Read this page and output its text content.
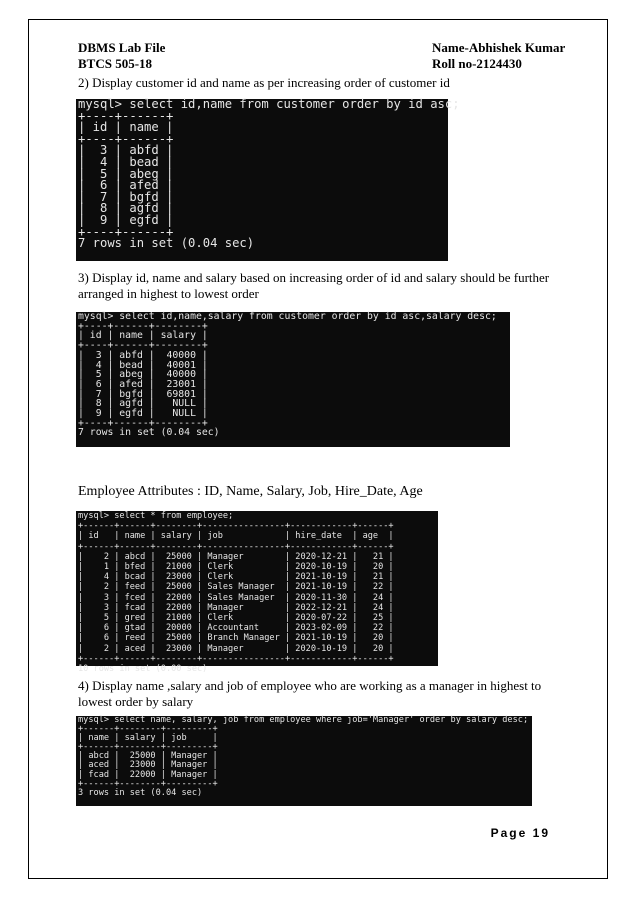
DBMS Lab File
BTCS 505-18
Name-Abhishek Kumar
Roll no-2124430
2) Display customer id and name as per increasing order of customer id
mysql> select id,name from customer order by id asc;
+----+------+
| id | name |
+----+------+
|  3 | abfd |
|  4 | bead |
|  5 | abeg |
|  6 | afed |
|  7 | bgfd |
|  8 | agfd |
|  9 | egfd |
+----+------+
7 rows in set (0.04 sec)
3) Display id, name and salary based on increasing order of id and salary should be further arranged in highest to lowest order
mysql> select id,name,salary from customer order by id asc,salary desc;
+----+------+--------+
| id | name | salary |
+----+------+--------+
|  3 | abfd |  40000 |
|  4 | bead |  40001 |
|  5 | abeg |  40000 |
|  6 | afed |  23001 |
|  7 | bgfd |  69801 |
|  8 | agfd |   NULL |
|  9 | egfd |   NULL |
+----+------+--------+
7 rows in set (0.04 sec)
Employee Attributes : ID, Name, Salary, Job, Hire_Date, Age
mysql> select * from employee;
+------+------+--------+----------------+------------+------+
| id   | name | salary | job            | hire_date  | age  |
+------+------+--------+----------------+------------+------+
|    2 | abcd |  25000 | Manager        | 2020-12-21 |   21 |
|    1 | bfed |  21000 | Clerk          | 2020-10-19 |   20 |
|    4 | bcad |  23000 | Clerk          | 2021-10-19 |   21 |
|    2 | feed |  25000 | Sales Manager  | 2021-10-19 |   22 |
|    3 | fced |  22000 | Sales Manager  | 2020-11-30 |   24 |
|    3 | fcad |  22000 | Manager        | 2022-12-21 |   24 |
|    5 | gred |  21000 | Clerk          | 2020-07-22 |   25 |
|    6 | gtad |  20000 | Accountant     | 2023-02-09 |   22 |
|    6 | reed |  25000 | Branch Manager | 2021-10-19 |   20 |
|    2 | aced |  23000 | Manager        | 2020-10-19 |   20 |
+------+------+--------+----------------+------------+------+
10 rows in set (0.00 sec)
4) Display name ,salary and job of employee who are working as a manager in highest to lowest order by salary
mysql> select name, salary, job from employee where job='Manager' order by salary desc;
+------+--------+---------+
| name | salary | job     |
+------+--------+---------+
| abcd |  25000 | Manager |
| aced |  23000 | Manager |
| fcad |  22000 | Manager |
+------+--------+---------+
3 rows in set (0.04 sec)
Page 19
